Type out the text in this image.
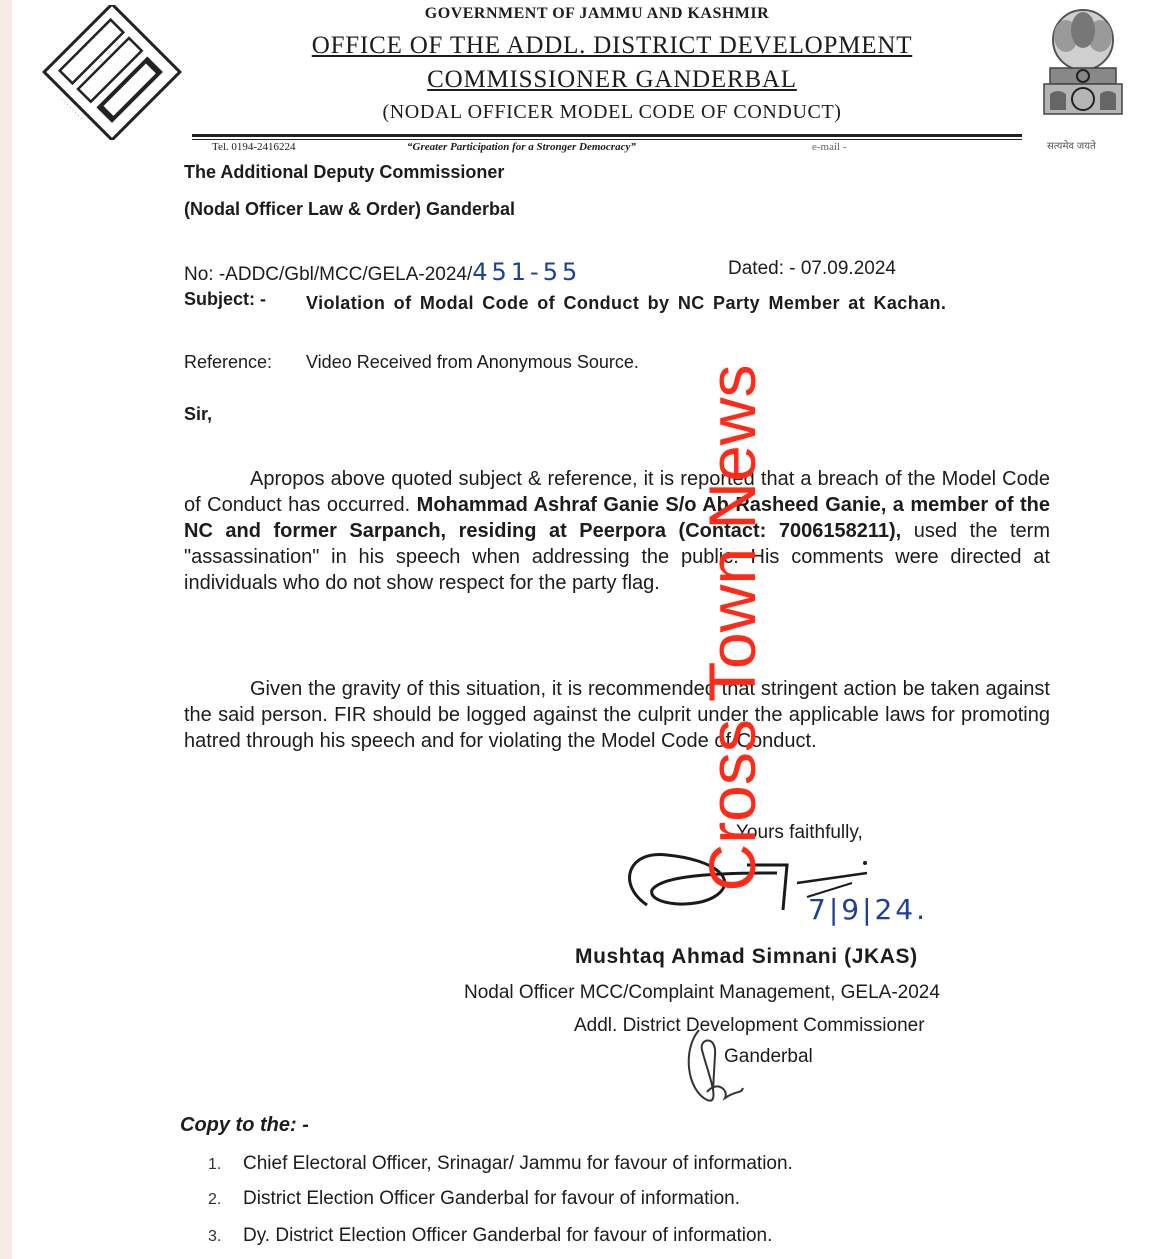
· · · · · · · ·
सत्यमेव जयते
GOVERNMENT OF JAMMU AND KASHMIR
OFFICE OF THE ADDL. DISTRICT DEVELOPMENT
COMMISSIONER GANDERBAL
(NODAL OFFICER MODEL CODE OF CONDUCT)
Tel. 0194-2416224	“Greater Participation for a Stronger Democracy”	e-mail -
The Additional Deputy Commissioner
(Nodal Officer Law & Order) Ganderbal
No: -ADDC/Gbl/MCC/GELA-2024/451-55	Dated: - 07.09.2024
Subject: - Violation of Modal Code of Conduct by NC Party Member at Kachan.
Reference: Video Received from Anonymous Source.
Sir,
Apropos above quoted subject & reference, it is reported that a breach of the Model Code of Conduct has occurred. Mohammad Ashraf Ganie S/o Ab Rasheed Ganie, a member of the NC and former Sarpanch, residing at Peerpora (Contact: 7006158211), used the term "assassination" in his speech when addressing the public. His comments were directed at individuals who do not show respect for the party flag.
Given the gravity of this situation, it is recommended that stringent action be taken against the said person. FIR should be logged against the culprit under the applicable laws for promoting hatred through his speech and for violating the Model Code of Conduct.
Yours faithfully,
7|9|24.
Mushtaq Ahmad Simnani (JKAS)
Nodal Officer MCC/Complaint Management, GELA-2024
Addl. District Development Commissioner
Ganderbal
Copy to the: -
1. Chief Electoral Officer, Srinagar/ Jammu for favour of information.
2. District Election Officer Ganderbal for favour of information.
3. Dy. District Election Officer Ganderbal for favour of information.
Cross Town News
